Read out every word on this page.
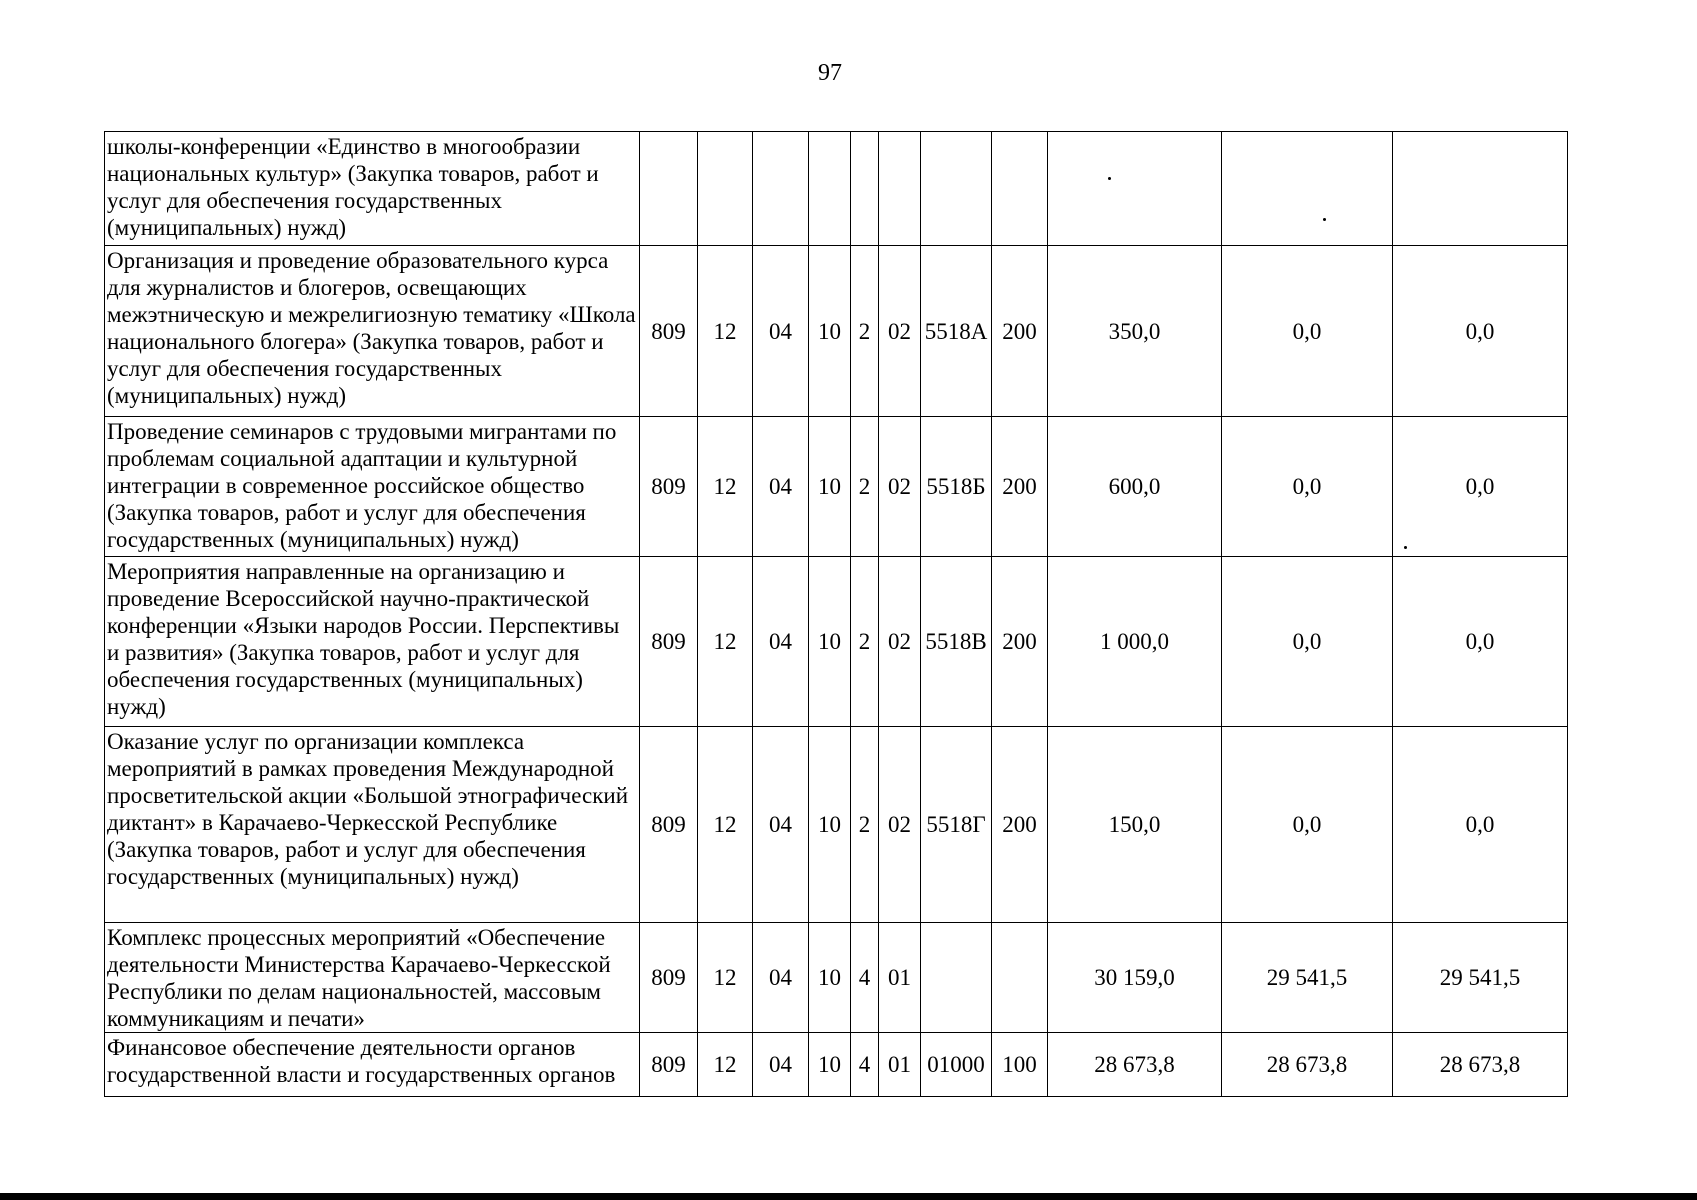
97
школы-конференции «Единство в многообразии национальных культур» (Закупка товаров, работ и услуг для обеспечения государственных (муниципальных) нужд)											
Организация и проведение образовательного курса для журналистов и блогеров, освещающих межэтническую и межрелигиозную тематику «Школа национального блогера» (Закупка товаров, работ и услуг для обеспечения государственных (муниципальных) нужд)	809	12	04	10	2	02	5518А	200	350,0	0,0	0,0
Проведение семинаров с трудовыми мигрантами по проблемам социальной адаптации и культурной интеграции в современное российское общество (Закупка товаров, работ и услуг для обеспечения государственных (муниципальных) нужд)	809	12	04	10	2	02	5518Б	200	600,0	0,0	0,0
Мероприятия направленные на организацию и проведение Всероссийской научно-практической конференции «Языки народов России. Перспективы и развития» (Закупка товаров, работ и услуг для обеспечения государственных (муниципальных) нужд)	809	12	04	10	2	02	5518В	200	1 000,0	0,0	0,0
Оказание услуг по организации комплекса мероприятий в рамках проведения Международной просветительской акции «Большой этнографический диктант» в Карачаево-Черкесской Республике (Закупка товаров, работ и услуг для обеспечения государственных (муниципальных) нужд)	809	12	04	10	2	02	5518Г	200	150,0	0,0	0,0
Комплекс процессных мероприятий «Обеспечение деятельности Министерства Карачаево-Черкесской Республики по делам национальностей, массовым коммуникациям и печати»	809	12	04	10	4	01			30 159,0	29 541,5	29 541,5
Финансовое обеспечение деятельности органов государственной власти и государственных органов	809	12	04	10	4	01	01000	100	28 673,8	28 673,8	28 673,8
